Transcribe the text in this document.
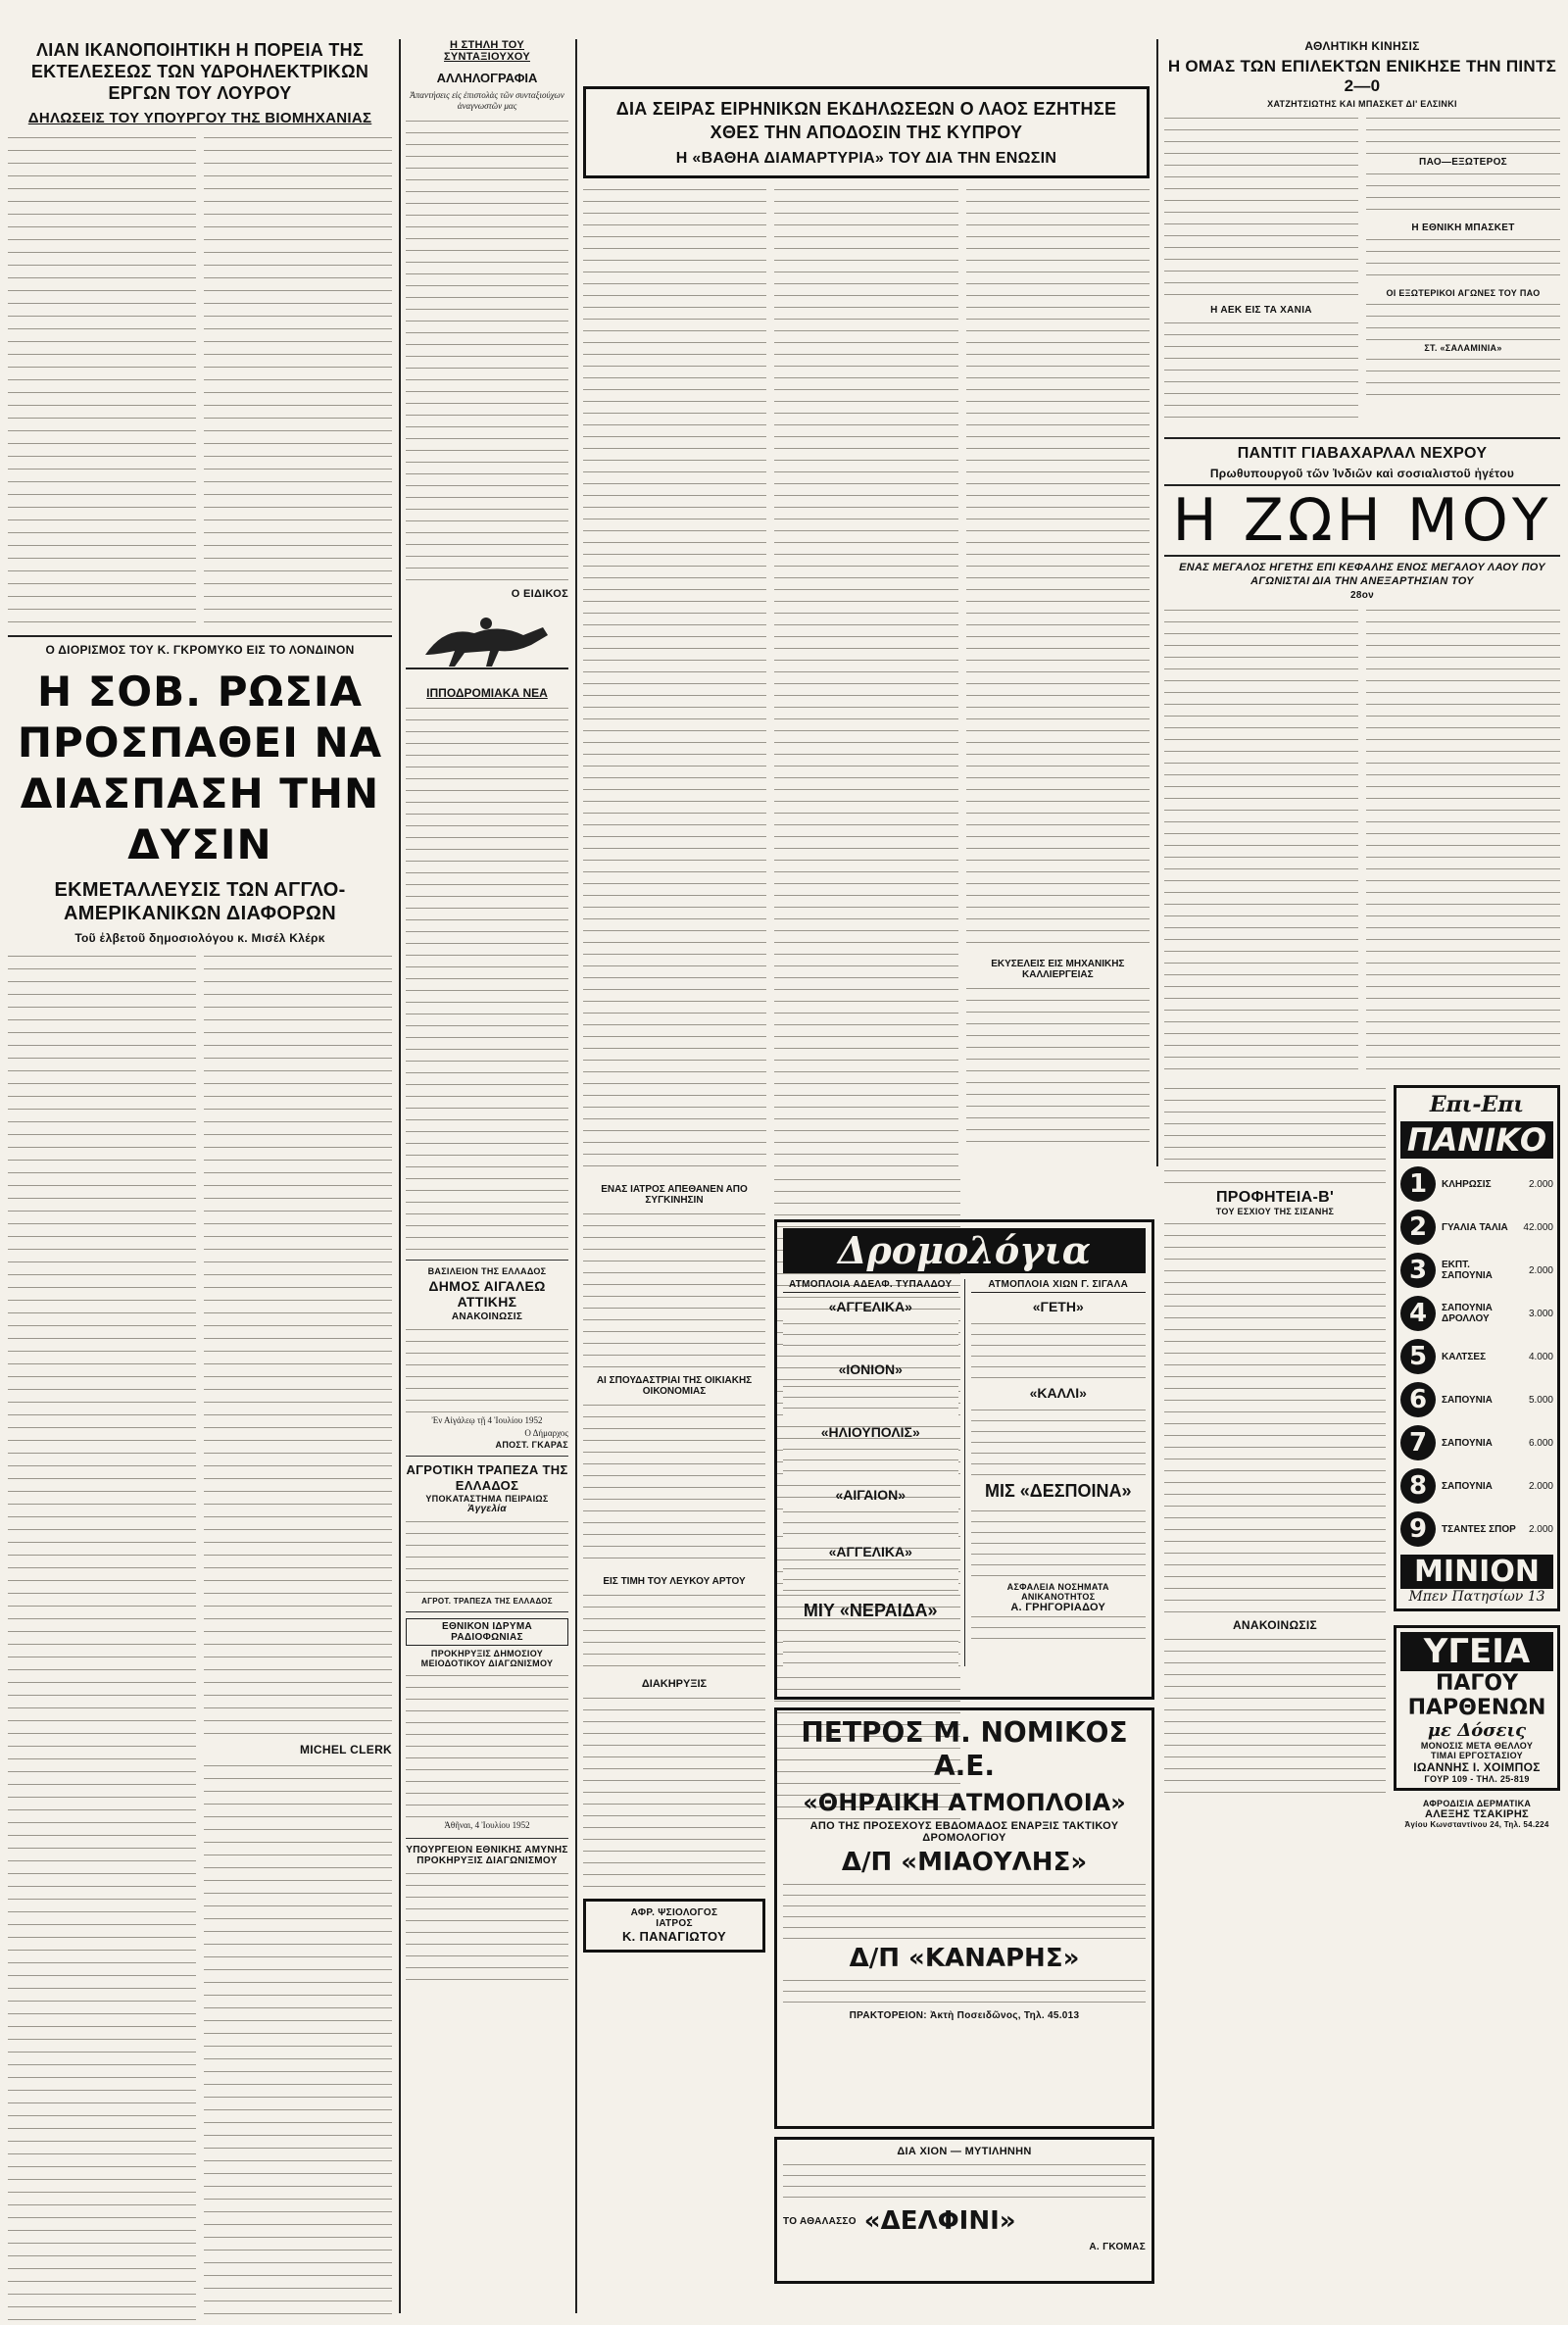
ΛΙΑΝ ΙΚΑΝΟΠΟΙΗΤΙΚΗ Η ΠΟΡΕΙΑ ΤΗΣ ΕΚΤΕΛΕΣΕΩΣ ΤΩΝ ΥΔΡΟΗΛΕΚΤΡΙΚΩΝ ΕΡΓΩΝ ΤΟΥ ΛΟΥΡΟΥ
ΔΗΛΩΣΕΙΣ ΤΟΥ ΥΠΟΥΡΓΟΥ ΤΗΣ ΒΙΟΜΗΧΑΝΙΑΣ
Ο ΔΙΟΡΙΣΜΟΣ ΤΟΥ Κ. ΓΚΡΟΜΥΚΟ ΕΙΣ ΤΟ ΛΟΝΔΙΝΟΝ
Η ΣΟΒ. ΡΩΣΙΑ ΠΡΟΣΠΑΘΕΙ ΝΑ ΔΙΑΣΠΑΣΗ ΤΗΝ ΔΥΣΙΝ
ΕΚΜΕΤΑΛΛΕΥΣΙΣ ΤΩΝ ΑΓΓΛΟ-ΑΜΕΡΙΚΑΝΙΚΩΝ ΔΙΑΦΟΡΩΝ
Τοῦ ἐλβετοῦ δημοσιολόγου κ. Μισέλ Κλέρκ
MICHEL CLERK
Η ΣΤΗΛΗ ΤΟΥ ΣΥΝΤΑΞΙΟΥΧΟΥ
ΑΛΛΗΛΟΓΡΑΦΙΑ
Ἀπαντήσεις εἰς ἐπιστολὰς τῶν συνταξιούχων ἀναγνωστῶν μας
Ο ΕΙΔΙΚΟΣ
ΙΠΠΟΔΡΟΜΙΑΚΑ ΝΕΑ
ΒΑΣΙΛΕΙΟΝ ΤΗΣ ΕΛΛΑΔΟΣ
ΔΗΜΟΣ ΑΙΓΑΛΕΩ ΑΤΤΙΚΗΣ
ΑΝΑΚΟΙΝΩΣΙΣ
Ἐν Αἰγάλεῳ τῇ 4 Ἰουλίου 1952
Ο Δήμαρχος
ΑΠΟΣΤ. ΓΚΑΡΑΣ
ΑΓΡΟΤΙΚΗ ΤΡΑΠΕΖΑ ΤΗΣ ΕΛΛΑΔΟΣ
ΥΠΟΚΑΤΑΣΤΗΜΑ ΠΕΙΡΑΙΩΣ
Ἀγγελία
ΑΓΡΟΤ. ΤΡΑΠΕΖΑ ΤΗΣ ΕΛΛΑΔΟΣ
ΕΘΝΙΚΟΝ ΙΔΡΥΜΑ ΡΑΔΙΟΦΩΝΙΑΣ
ΠΡΟΚΗΡΥΞΙΣ ΔΗΜΟΣΙΟΥ ΜΕΙΟΔΟΤΙΚΟΥ ΔΙΑΓΩΝΙΣΜΟΥ
Ἀθῆναι, 4 Ἰουλίου 1952
ΥΠΟΥΡΓΕΙΟΝ ΕΘΝΙΚΗΣ ΑΜΥΝΗΣ
ΠΡΟΚΗΡΥΞΙΣ ΔΙΑΓΩΝΙΣΜΟΥ
ΔΙΑ ΣΕΙΡΑΣ ΕΙΡΗΝΙΚΩΝ ΕΚΔΗΛΩΣΕΩΝ Ο ΛΑΟΣ ΕΖΗΤΗΣΕ ΧΘΕΣ ΤΗΝ ΑΠΟΔΟΣΙΝ ΤΗΣ ΚΥΠΡΟΥ
Η «ΒΑΘΗΑ ΔΙΑΜΑΡΤΥΡΙΑ» ΤΟΥ ΔΙΑ ΤΗΝ ΕΝΩΣΙΝ
ΕΚΥΣΕΛΕΙΣ ΕΙΣ ΜΗΧΑΝΙΚΗΣ ΚΑΛΛΙΕΡΓΕΙΑΣ
ΕΝΑΣ ΙΑΤΡΟΣ ΑΠΕΘΑΝΕΝ ΑΠΟ ΣΥΓΚΙΝΗΣΙΝ
ΑΙ ΣΠΟΥΔΑΣΤΡΙΑΙ ΤΗΣ ΟΙΚΙΑΚΗΣ ΟΙΚΟΝΟΜΙΑΣ
ΕΙΣ ΤΙΜΗ ΤΟΥ ΛΕΥΚΟΥ ΑΡΤΟΥ
ΔΙΑΚΗΡΥΞΙΣ
ΑΦΡ. ΨΣΙΟΛΟΓΟΣ
ΙΑΤΡΟΣ
Κ. ΠΑΝΑΓΙΩΤΟΥ
Δρομολόγια
ΑΤΜΟΠΛΟΙΑ ΑΔΕΛΦ. ΤΥΠΑΛΔΟΥ
«ΑΓΓΕΛΙΚΑ»
«ΙΟΝΙΟΝ»
«ΗΛΙΟΥΠΟΛΙΣ»
«ΑΙΓΑΙΟΝ»
«ΑΓΓΕΛΙΚΑ»
ΜΙΥ «ΝΕΡΑΙΔΑ»
ΑΤΜΟΠΛΟΙΑ ΧΙΩΝ Γ. ΣΙΓΑΛΑ
«ΓΕΤΗ»
«ΚΑΛΛΙ»
ΜΙΣ «ΔΕΣΠΟΙΝΑ»
ΑΣΦΑΛΕΙΑ ΝΟΣΗΜΑΤΑ ΑΝΙΚΑΝΟΤΗΤΟΣ
Α. ΓΡΗΓΟΡΙΑΔΟΥ
ΠΕΤΡΟΣ Μ. ΝΟΜΙΚΟΣ Α.Ε.
«ΘΗΡΑΙΚΗ ΑΤΜΟΠΛΟΙΑ»
ΑΠΟ ΤΗΣ ΠΡΟΣΕΧΟΥΣ ΕΒΔΟΜΑΔΟΣ ΕΝΑΡΞΙΣ ΤΑΚΤΙΚΟΥ ΔΡΟΜΟΛΟΓΙΟΥ
Δ/Π «ΜΙΑΟΥΛΗΣ»
Δ/Π «ΚΑΝΑΡΗΣ»
ΠΡΑΚΤΟΡΕΙΟΝ: Ἀκτὴ Ποσειδῶνος, Τηλ. 45.013
ΔΙΑ ΧΙΟΝ — ΜΥΤΙΛΗΝΗΝ
ΤΟ ΑΘΑΛΑΣΣΟ «ΔΕΛΦΙΝΙ»
Α. ΓΚΟΜΑΣ
ΑΘΛΗΤΙΚΗ ΚΙΝΗΣΙΣ
Η ΟΜΑΣ ΤΩΝ ΕΠΙΛΕΚΤΩΝ ΕΝΙΚΗΣΕ ΤΗΝ ΠΙΝΤΣ 2—0
ΧΑΤΖΗΤΣΙΩΤΗΣ ΚΑΙ ΜΠΑΣΚΕΤ ΔΙ' ΕΛΣΙΝΚΙ
Η ΑΕΚ ΕΙΣ ΤΑ ΧΑΝΙΑ
ΠΑΟ—ΕΞΩΤΕΡΟΣ
Η ΕΘΝΙΚΗ ΜΠΑΣΚΕΤ
ΟΙ ΕΞΩΤΕΡΙΚΟΙ ΑΓΩΝΕΣ ΤΟΥ ΠΑΟ
ΣΤ. «ΣΑΛΑΜΙΝΙΑ»
ΠΑΝΤΙΤ ΓΙΑΒΑΧΑΡΛΑΛ ΝΕΧΡΟΥ
Πρωθυπουργοῦ τῶν Ἰνδιῶν καὶ σοσιαλιστοῦ ἡγέτου
Η ΖΩΗ ΜΟΥ
ΕΝΑΣ ΜΕΓΑΛΟΣ ΗΓΕΤΗΣ ΕΠΙ ΚΕΦΑΛΗΣ ΕΝΟΣ ΜΕΓΑΛΟΥ ΛΑΟΥ ΠΟΥ ΑΓΩΝΙΣΤΑΙ ΔΙΑ ΤΗΝ ΑΝΕΞΑΡΤΗΣΙΑΝ ΤΟΥ
28ον
ΠΡΟΦΗΤΕΙΑ-Β'
ΤΟΥ ΕΣΧΙΟΥ ΤΗΣ ΣΙΣΑΝΗΣ
ΑΝΑΚΟΙΝΩΣΙΣ
Επι-Επι
ΠΑΝΙΚΟ
1	ΚΛΗΡΩΣΙΣ	2.000
2	ΓΥΑΛΙΑ ΤΑΛΙΑ	42.000
3	ΕΚΠΤ. ΣΑΠΟΥΝΙΑ	2.000
4	ΣΑΠΟΥΝΙΑ ΔΡΟΛΛΟΥ	3.000
5	ΚΑΛΤΣΕΣ	4.000
6	ΣΑΠΟΥΝΙΑ	5.000
7	ΣΑΠΟΥΝΙΑ	6.000
8	ΣΑΠΟΥΝΙΑ	2.000
9	ΤΣΑΝΤΕΣ ΣΠΟΡ	2.000
ΜΙΝΙΟΝ
Μπεν Πατησίων 13
ΥΓΕΙΑ
ΠΑΓΟΥ
ΠΑΡΘΕΝΩΝ
με Δόσεις
ΜΟΝΟΣΙΣ ΜΕΤΑ ΘΕΛΛΟΥ
ΤΙΜΑΙ ΕΡΓΟΣΤΑΣΙΟΥ
ΙΩΑΝΝΗΣ Ι. ΧΟΙΜΠΟΣ
ΓΟΥΡ 109 - ΤΗΛ. 25-819
ΑΦΡΟΔΙΣΙΑ ΔΕΡΜΑΤΙΚΑ
ΑΛΕΞΗΣ ΤΣΑΚΙΡΗΣ
Ἀγίου Κωνσταντίνου 24, Τηλ. 54.224
